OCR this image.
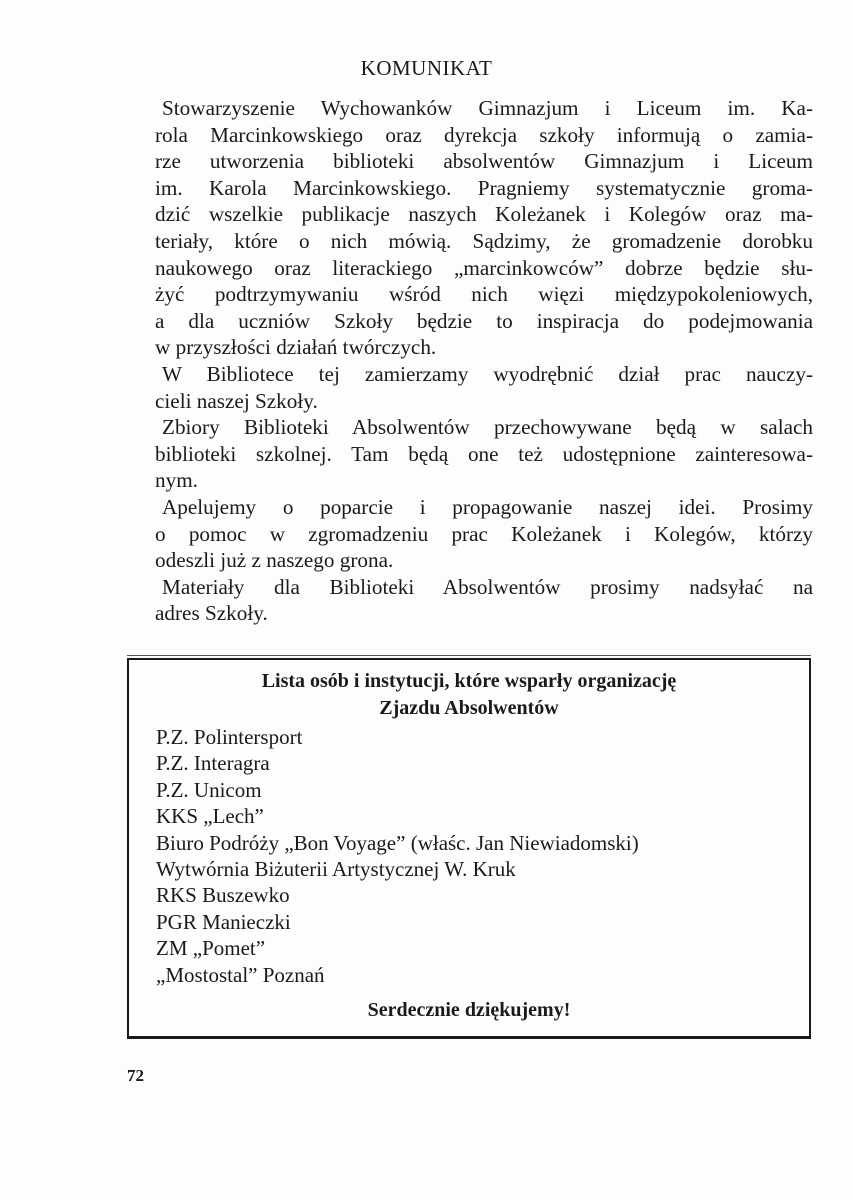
KOMUNIKAT

Stowarzyszenie Wychowanków Gimnazjum i Liceum im. Ka-
rola Marcinkowskiego oraz dyrekcja szkoły informują o zamia-
rze utworzenia biblioteki absolwentów Gimnazjum i Liceum
im. Karola Marcinkowskiego. Pragniemy systematycznie groma-
dzić wszelkie publikacje naszych Koleżanek i Kolegów oraz ma-
teriały, które o nich mówią. Sądzimy, że gromadzenie dorobku
naukowego oraz literackiego „marcinkowców” dobrze będzie słu-
żyć podtrzymywaniu wśród nich więzi międzypokoleniowych,
a dla uczniów Szkoły będzie to inspiracja do podejmowania
w przyszłości działań twórczych.

W Bibliotece tej zamierzamy wyodrębnić dział prac nauczy-
cieli naszej Szkoły.

Zbiory Biblioteki Absolwentów przechowywane będą w salach
biblioteki szkolnej. Tam będą one też udostępnione zainteresowa-
nym.

Apelujemy o poparcie i propagowanie naszej idei. Prosimy
o pomoc w zgromadzeniu prac Koleżanek i Kolegów, którzy
odeszli już z naszego grona.

Materiały dla Biblioteki Absolwentów prosimy nadsyłać na
adres Szkoły.

Lista osób i instytucji, które wsparły organizację
Zjazdu Absolwentów
P.Z. Polintersport
P.Z. Interagra
P.Z. Unicom
KKS „Lech”
Biuro Podróży „Bon Voyage” (właśc. Jan Niewiadomski)
Wytwórnia Biżuterii Artystycznej W. Kruk
RKS Buszewko
PGR Manieczki
ZM „Pomet”
„Mostostal” Poznań
Serdecznie dziękujemy!
72
